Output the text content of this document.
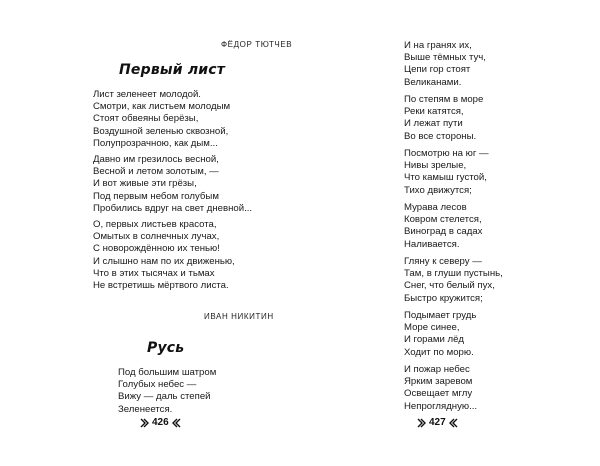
ФЁДОР ТЮТЧЕВ
Первый лист
Лист зеленеет молодой.
Смотри, как листьем молодым
Стоят обвеяны берёзы,
Воздушной зеленью сквозной,
Полупрозрачною, как дым...
Давно им грезилось весной,
Весной и летом золотым, —
И вот живые эти грёзы,
Под первым небом голубым
Пробились вдруг на свет дневной...
О, первых листьев красота,
Омытых в солнечных лучах,
С новорождённою их тенью!
И слышно нам по их движенью,
Что в этих тысячах и тьмах
Не встретишь мёртвого листа.
ИВАН НИКИТИН
Русь
Под большим шатром
Голубых небес —
Вижу — даль степей
Зеленеется.
426
И на гранях их,
Выше тёмных туч,
Цепи гор стоят
Великанами.
По степям в море
Реки катятся,
И лежат пути
Во все стороны.
Посмотрю на юг —
Нивы зрелые,
Что камыш густой,
Тихо движутся;
Мурава лесов
Ковром стелется,
Виноград в садах
Наливается.
Гляну к северу —
Там, в глуши пустынь,
Снег, что белый пух,
Быстро кружится;
Подымает грудь
Море синее,
И горами лёд
Ходит по морю.
И пожар небес
Ярким заревом
Освещает мглу
Непроглядную...
427
